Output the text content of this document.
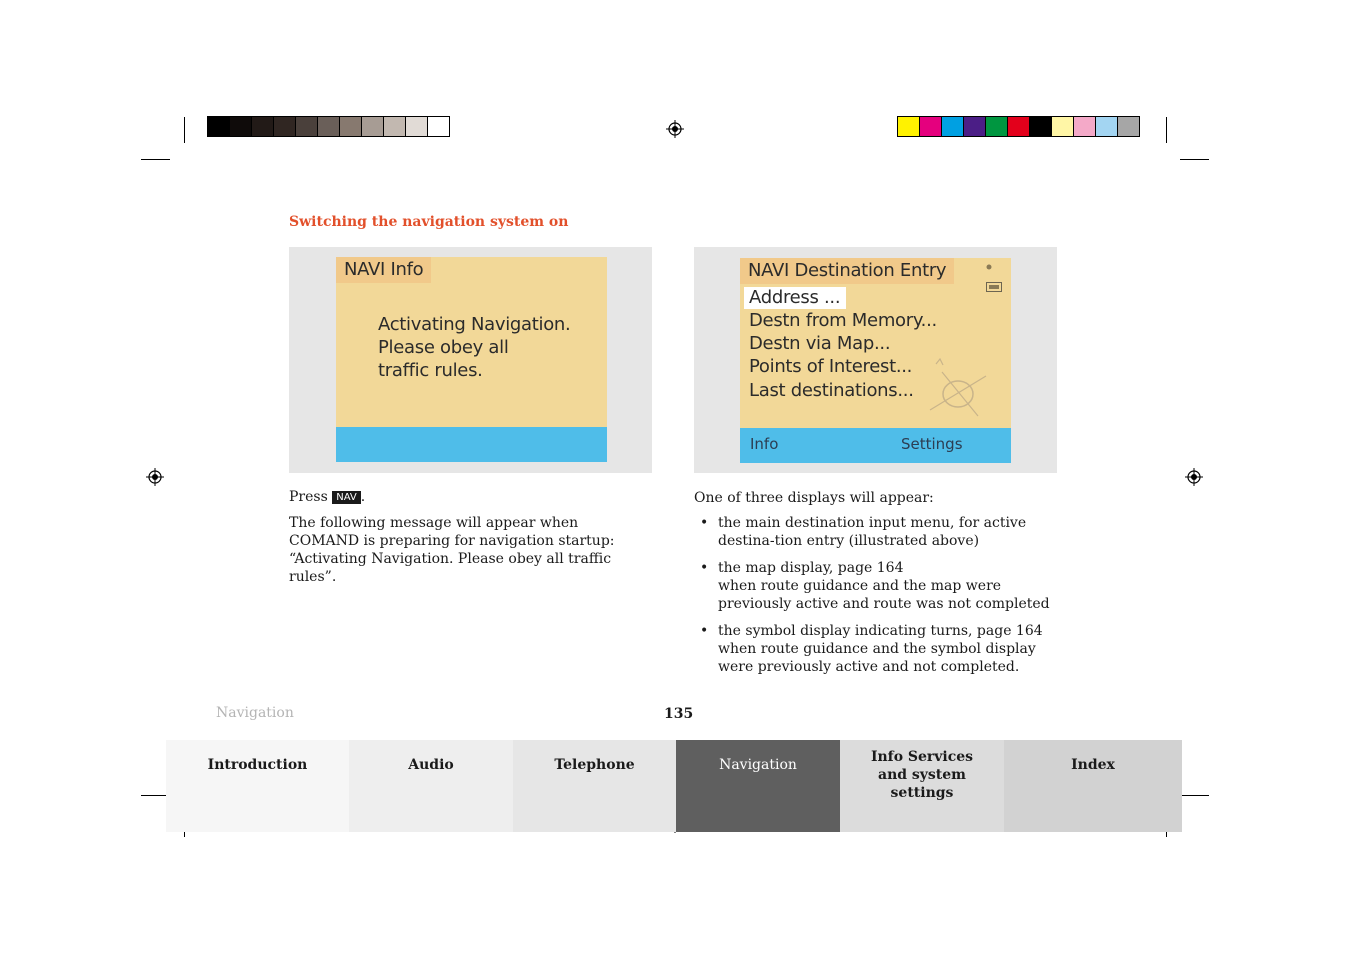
Switching the navigation system on
NAVI Info
Activating Navigation.
Please obey all
traffic rules.
NAVI Destination Entry
Address ...
Destn from Memory...
Destn via Map...
Points of Interest...
Last destinations...
Info	Settings
Press NAV .
The following message will appear when COMAND is preparing for navigation startup: “Activating Navigation. Please obey all traffic rules”.
One of three displays will appear:
• the main destination input menu, for active destina-tion entry (illustrated above)
• the map display, page 164
when route guidance and the map were previously active and route was not completed
• the symbol display indicating turns, page 164
when route guidance and the symbol display were previously active and not completed.
Navigation	135
Introduction	Audio	Telephone	Navigation	Info Services and system settings
Index
